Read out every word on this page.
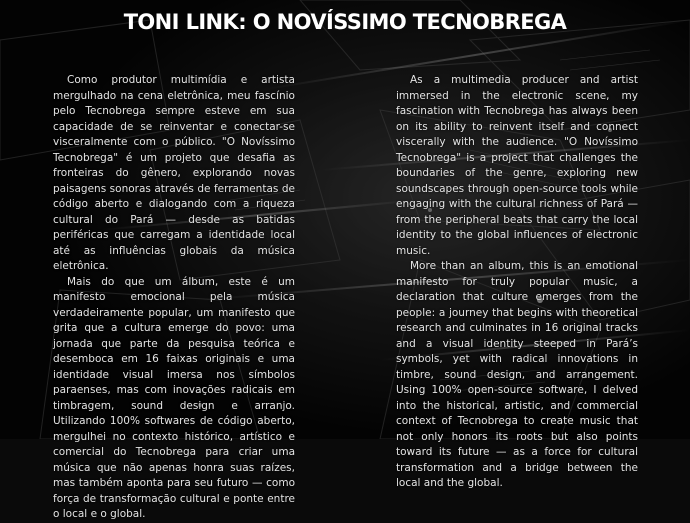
TONI LINK: O NOVÍSSIMO TECNOBREGA

Como produtor multimídia e artista mergulhado na cena eletrônica, meu fascínio pelo Tecnobrega sempre esteve em sua capacidade de se reinventar e conectar-se visceralmente com o público. "O Novíssimo Tecnobrega" é um projeto que desafia as fronteiras do gênero, explorando novas paisagens sonoras através de ferramentas de código aberto e dialogando com a riqueza cultural do Pará — desde as batidas periféricas que carregam a identidade local até as influências globais da música eletrônica.

Mais do que um álbum, este é um manifesto emocional pela música verdadeiramente popular, um manifesto que grita que a cultura emerge do povo: uma jornada que parte da pesquisa teórica e desemboca em 16 faixas originais e uma identidade visual imersa nos símbolos paraenses, mas com inovações radicais em timbragem, sound design e arranjo. Utilizando 100% softwares de código aberto, mergulhei no contexto histórico, artístico e comercial do Tecnobrega para criar uma música que não apenas honra suas raízes, mas também aponta para seu futuro — como força de transformação cultural e ponte entre o local e o global.

As a multimedia producer and artist immersed in the electronic scene, my fascination with Tecnobrega has always been on its ability to reinvent itself and connect viscerally with the audience. "O Novíssimo Tecnobrega" is a project that challenges the boundaries of the genre, exploring new soundscapes through open-source tools while engaging with the cultural richness of Pará — from the peripheral beats that carry the local identity to the global influences of electronic music.

More than an album, this is an emotional manifesto for truly popular music, a declaration that culture emerges from the people: a journey that begins with theoretical research and culminates in 16 original tracks and a visual identity steeped in Pará’s symbols, yet with radical innovations in timbre, sound design, and arrangement. Using 100% open-source software, I delved into the historical, artistic, and commercial context of Tecnobrega to create music that not only honors its roots but also points toward its future — as a force for cultural transformation and a bridge between the local and the global.
